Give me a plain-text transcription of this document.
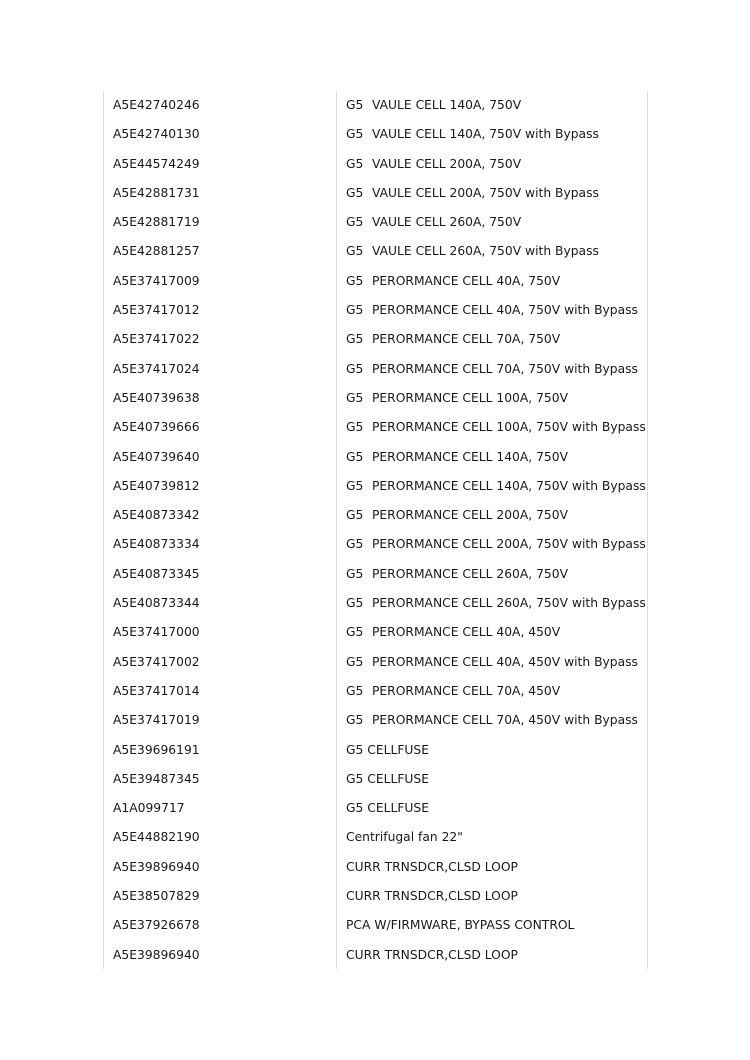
A5E42740246	G5 VAULE CELL 140A, 750V
A5E42740130	G5 VAULE CELL 140A, 750V with Bypass
A5E44574249	G5 VAULE CELL 200A, 750V
A5E42881731	G5 VAULE CELL 200A, 750V with Bypass
A5E42881719	G5 VAULE CELL 260A, 750V
A5E42881257	G5 VAULE CELL 260A, 750V with Bypass
A5E37417009	G5 PERORMANCE CELL 40A, 750V
A5E37417012	G5 PERORMANCE CELL 40A, 750V with Bypass
A5E37417022	G5 PERORMANCE CELL 70A, 750V
A5E37417024	G5 PERORMANCE CELL 70A, 750V with Bypass
A5E40739638	G5 PERORMANCE CELL 100A, 750V
A5E40739666	G5 PERORMANCE CELL 100A, 750V with Bypass
A5E40739640	G5 PERORMANCE CELL 140A, 750V
A5E40739812	G5 PERORMANCE CELL 140A, 750V with Bypass
A5E40873342	G5 PERORMANCE CELL 200A, 750V
A5E40873334	G5 PERORMANCE CELL 200A, 750V with Bypass
A5E40873345	G5 PERORMANCE CELL 260A, 750V
A5E40873344	G5 PERORMANCE CELL 260A, 750V with Bypass
A5E37417000	G5 PERORMANCE CELL 40A, 450V
A5E37417002	G5 PERORMANCE CELL 40A, 450V with Bypass
A5E37417014	G5 PERORMANCE CELL 70A, 450V
A5E37417019	G5 PERORMANCE CELL 70A, 450V with Bypass
A5E39696191	G5 CELLFUSE
A5E39487345	G5 CELLFUSE
A1A099717	G5 CELLFUSE
A5E44882190	Centrifugal fan 22"
A5E39896940	CURR TRNSDCR,CLSD LOOP
A5E38507829	CURR TRNSDCR,CLSD LOOP
A5E37926678	PCA W/FIRMWARE, BYPASS CONTROL
A5E39896940	CURR TRNSDCR,CLSD LOOP
